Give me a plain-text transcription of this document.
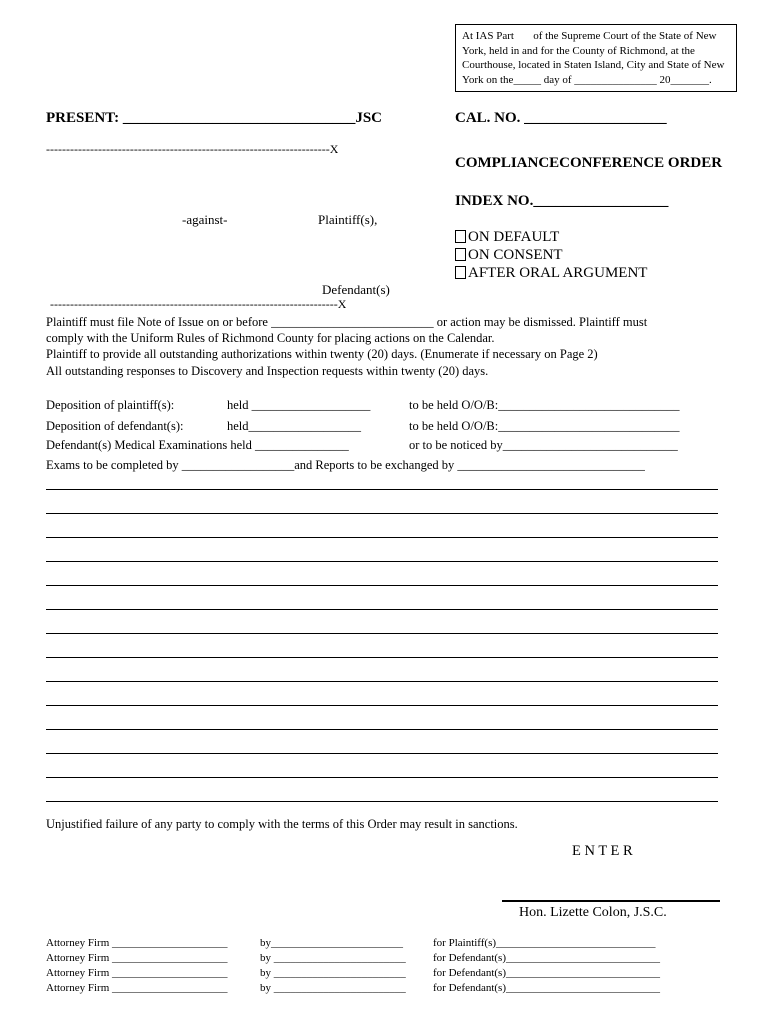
At IAS Part       of the Supreme Court of the State of New
York, held in and for the County of Richmond, at the
Courthouse, located in Staten Island, City and State of New
York on the_____ day of _______________ 20_______.
PRESENT: _______________________________JSC	CAL. NO. ___________________
-----------------------------------------------------------------------X
COMPLIANCECONFERENCE ORDER
INDEX NO.__________________
-against-	Plaintiff(s),
ON DEFAULT
ON CONSENT
AFTER ORAL ARGUMENT
Defendant(s)
------------------------------------------------------------------------X
Plaintiff must file Note of Issue on or before __________________________ or action may be dismissed. Plaintiff must
comply with the Uniform Rules of Richmond County for placing actions on the Calendar.
Plaintiff to provide all outstanding authorizations within twenty (20) days. (Enumerate if necessary on Page 2)
All outstanding responses to Discovery and Inspection requests within twenty (20) days.
Deposition of plaintiff(s):	held ___________________	to be held O/O/B:_____________________________
Deposition of defendant(s):	held__________________	to be held O/O/B:_____________________________
Defendant(s) Medical Examinations held _______________	or to be noticed by____________________________
Exams to be completed by __________________and Reports to be exchanged by ______________________________
Unjustified failure of any party to comply with the terms of this Order may result in sanctions.
E N T E R
Hon. Lizette Colon, J.S.C.
Attorney Firm _____________________	by________________________	for Plaintiff(s)_____________________________
Attorney Firm _____________________	by ________________________ for Defendant(s)____________________________
Attorney Firm _____________________	by ________________________ for Defendant(s)____________________________
Attorney Firm _____________________	by ________________________ for Defendant(s)____________________________
